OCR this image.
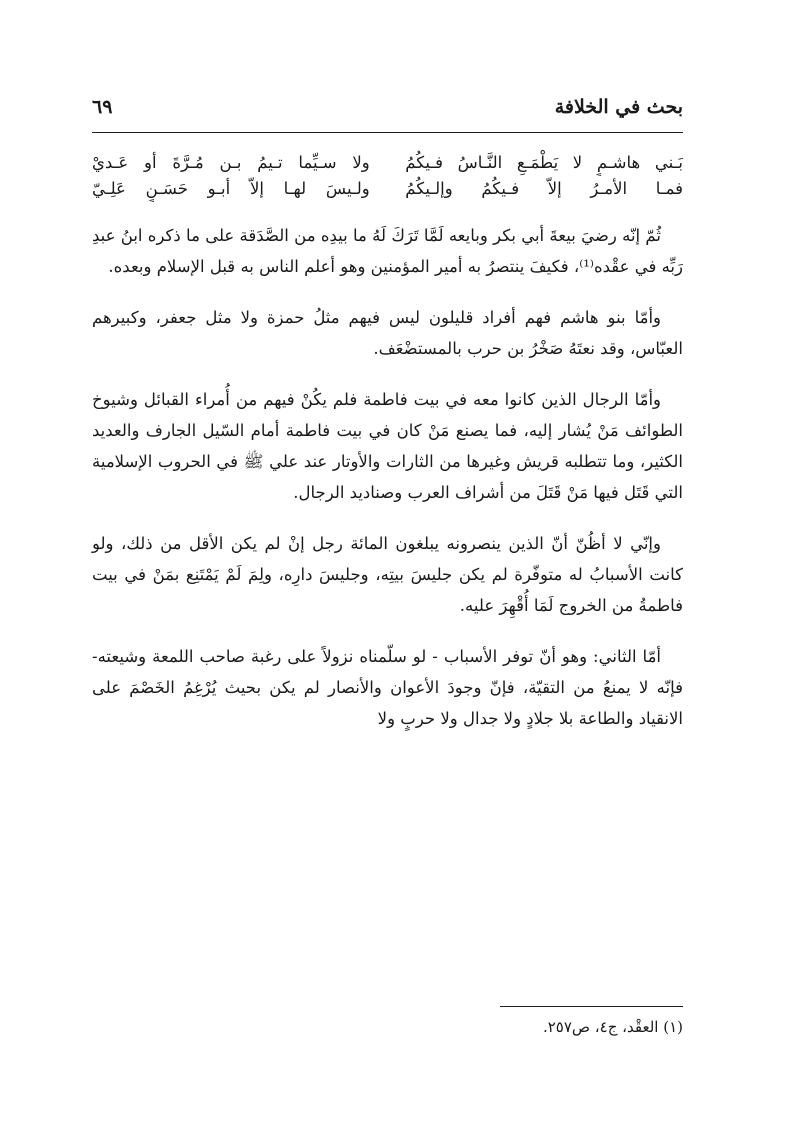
بحث في الخلافة
٦٩
بَـني هاشـمٍ لا يَطْمَـعِ النَّـاسُ فـيكُمُ
ولا سـيِّما تـيمُ بـن مُـرَّةَ أو عَـديْ
فمـا الأمـرُ إلاّ فـيكُمُ وإلـيكُمُ
ولـيسَ لهـا إلاّ أبـو حَسَـنٍ عَلِـيّ

ثُمّ إنّه رضيَ بيعةَ أبي بكر وبايعه لَمَّا تَرَكَ لَهُ ما بيدِه من الصَّدَقة على ما ذكره ابنُ عبدِ رَبِّه في عقْده⁽¹⁾، فكيفَ ينتصرُ به أمير المؤمنين وهو أعلم الناس به قبل الإسلام وبعده.

وأمّا بنو هاشم فهم أفراد قليلون ليس فيهم مثلُ حمزة ولا مثل جعفر، وكبيرهم العبّاس، وقد نعتَهُ صَخْرُ بن حرب بالمستضْعَف.

وأمّا الرجال الذين كانوا معه في بيت فاطمة فلم يكُنْ فيهم من أُمراء القبائل وشيوخ الطوائف مَنْ يُشار إليه، فما يصنع مَنْ كان في بيت فاطمة أمام السّيل الجارف والعديد الكثير، وما تتطلبه قريش وغيرها من الثارات والأوتار عند علي ﷺ في الحروب الإسلامية التي قَتَل فيها مَنْ قَتَلَ من أشراف العرب وصناديد الرجال.

وإنّي لا أظُنّ أنّ الذين ينصرونه يبلغون المائة رجل إنْ لم يكن الأقل من ذلك، ولو كانت الأسبابُ له متوفّرة لم يكن جليسَ بيتِه، وجليسَ دارِه، ولِمَ لَمْ يَمْتَنِع بمَنْ في بيت فاطمةُ من الخروج لَمَا أُقْهِرَ عليه.

أمّا الثاني: وهو أنّ توفر الأسباب - لو سلّمناه نزولاً على رغبة صاحب اللمعة وشيعته- فإنّه لا يمنعُ من التقيّة، فإنّ وجودَ الأعوان والأنصار لم يكن بحيث يُرْغِمُ الخَصْمَ على الانقياد والطاعة بلا جلادٍ ولا جدال ولا حربٍ ولا

(١) العقْد، ج٤، ص٢٥٧.
